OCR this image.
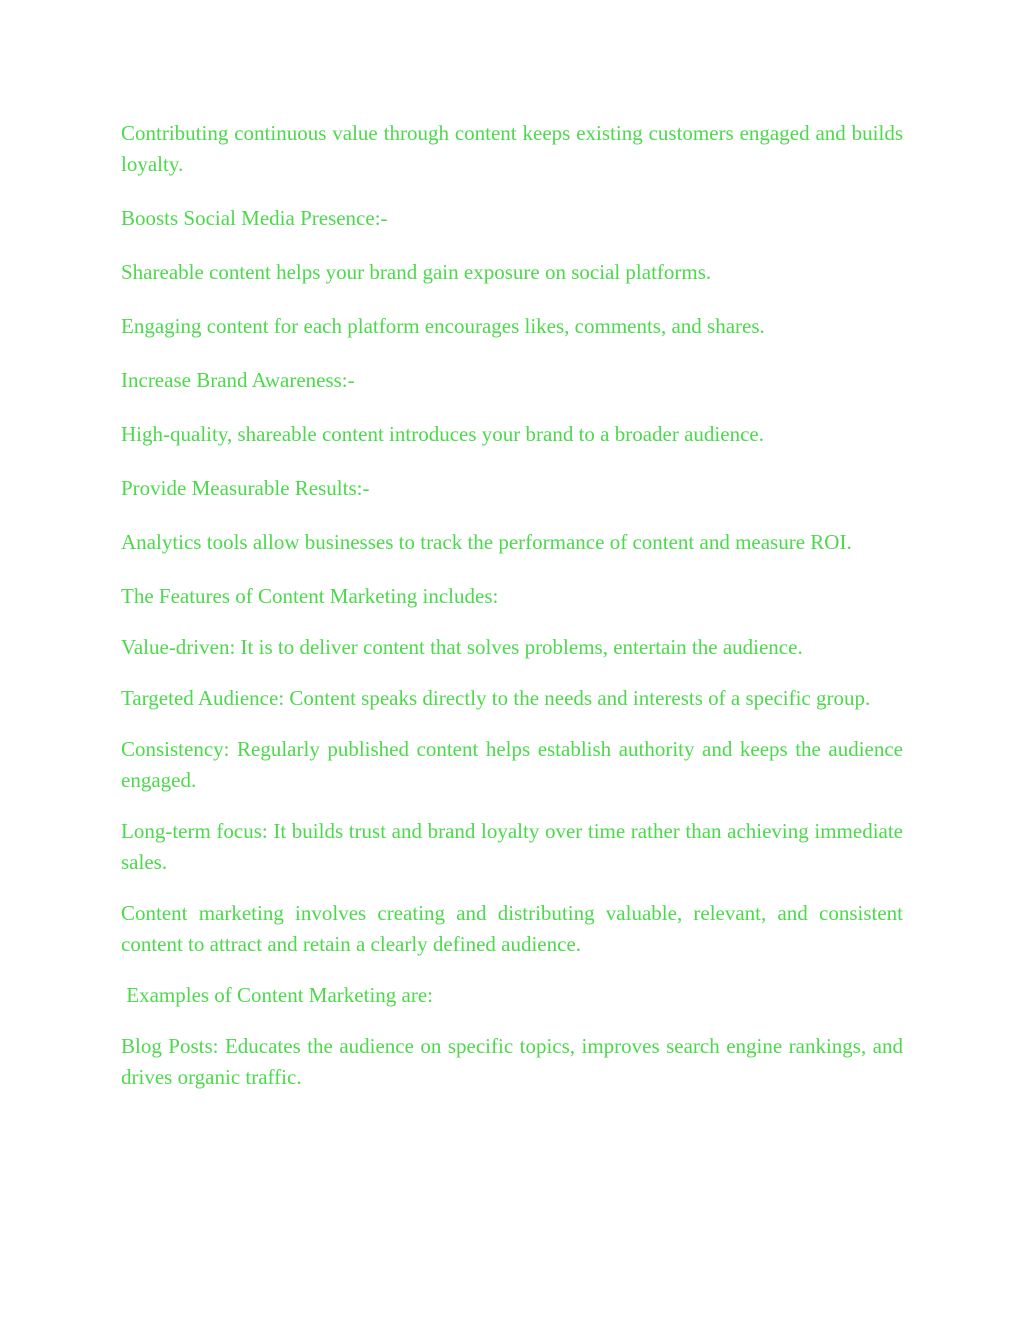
Contributing continuous value through content keeps existing customers engaged and builds loyalty.

Boosts Social Media Presence:-

Shareable content helps your brand gain exposure on social platforms.

Engaging content for each platform encourages likes, comments, and shares.

Increase Brand Awareness:-

High-quality, shareable content introduces your brand to a broader audience.

Provide Measurable Results:-

Analytics tools allow businesses to track the performance of content and measure ROI.

The Features of Content Marketing includes:

Value-driven: It is to deliver content that solves problems, entertain the audience.

Targeted Audience: Content speaks directly to the needs and interests of a specific group.

Consistency: Regularly published content helps establish authority and keeps the audience engaged.

Long-term focus: It builds trust and brand loyalty over time rather than achieving immediate sales.

Content marketing involves creating and distributing valuable, relevant, and consistent content to attract and retain a clearly defined audience.

Examples of Content Marketing are:

Blog Posts: Educates the audience on specific topics, improves search engine rankings, and drives organic traffic.
